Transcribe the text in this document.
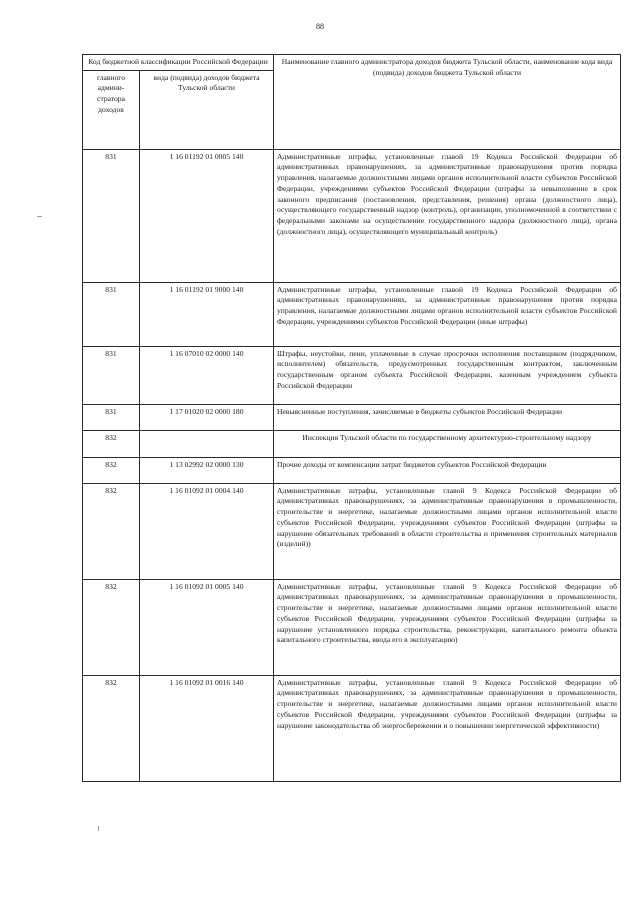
88
Код бюджетной классификации Российской Федерации		Наименование главного администратора доходов бюджета Тульской области, наименование кода вида (подвида) доходов бюджета Тульской области
главного админи-стратора доходов	вида (подвида) доходов бюджета Тульской области	
831	1 16 01192 01 0005 140	Административные штрафы, установленные главой 19 Кодекса Российской Федерации об административных правонарушениях, за административные правонарушения против порядка управления, налагаемые должностными лицами органов исполнительной власти субъектов Российской Федерации, учреждениями субъектов Российской Федерации (штрафы за невыполнение в срок законного предписания (постановления, представления, решения) органа (должностного лица), осуществляющего государственный надзор (контроль), организации, уполномоченной в соответствии с федеральными законами на осуществление государственного надзора (должностного лица), органа (должностного лица), осуществляющего муниципальный контроль)
831	1 16 01192 01 9000 140	Административные штрафы, установленные главой 19 Кодекса Российской Федерации об административных правонарушениях, за административные правонарушения против порядка управления, налагаемые должностными лицами органов исполнительной власти субъектов Российской Федерации, учреждениями субъектов Российской Федерации (иные штрафы)
831	1 16 07010 02 0000 140	Штрафы, неустойки, пени, уплаченные в случае просрочки исполнения поставщиком (подрядчиком, исполнителем) обязательств, предусмотренных государственным контрактом, заключенным государственным органом субъекта Российской Федерации, казенным учреждением субъекта Российской Федерации
831	1 17 01020 02 0000 180	Невыясненные поступления, зачисляемые в бюджеты субъектов Российской Федерации
832		Инспекция Тульской области по государственному архитектурно-строительному надзору
832	1 13 02992 02 0000 130	Прочие доходы от компенсации затрат бюджетов субъектов Российской Федерации
832	1 16 01092 01 0004 140	Административные штрафы, установленные главой 9 Кодекса Российской Федерации об административных правонарушениях, за административные правонарушения в промышленности, строительстве и энергетике, налагаемые должностными лицами органов исполнительной власти субъектов Российской Федерации, учреждениями субъектов Российской Федерации (штрафы за нарушение обязательных требований в области строительства и применения строительных материалов (изделий))
832	1 16 01092 01 0005 140	Административные штрафы, установленные главой 9 Кодекса Российской Федерации об административных правонарушениях, за административные правонарушения в промышленности, строительстве и энергетике, налагаемые должностными лицами органов исполнительной власти субъектов Российской Федерации, учреждениями субъектов Российской Федерации (штрафы за нарушение установленного порядка строительства, реконструкции, капитального ремонта объекта капитального строительства, ввода его в эксплуатацию)
832	1 16 01092 01 0016 140	Административные штрафы, установленные главой 9 Кодекса Российской Федерации об административных правонарушениях, за административные правонарушения в промышленности, строительстве и энергетике, налагаемые должностными лицами органов исполнительной власти субъектов Российской Федерации, учреждениями субъектов Российской Федерации (штрафы за нарушение законодательства об энергосбережении и о повышении энергетической эффективности)
